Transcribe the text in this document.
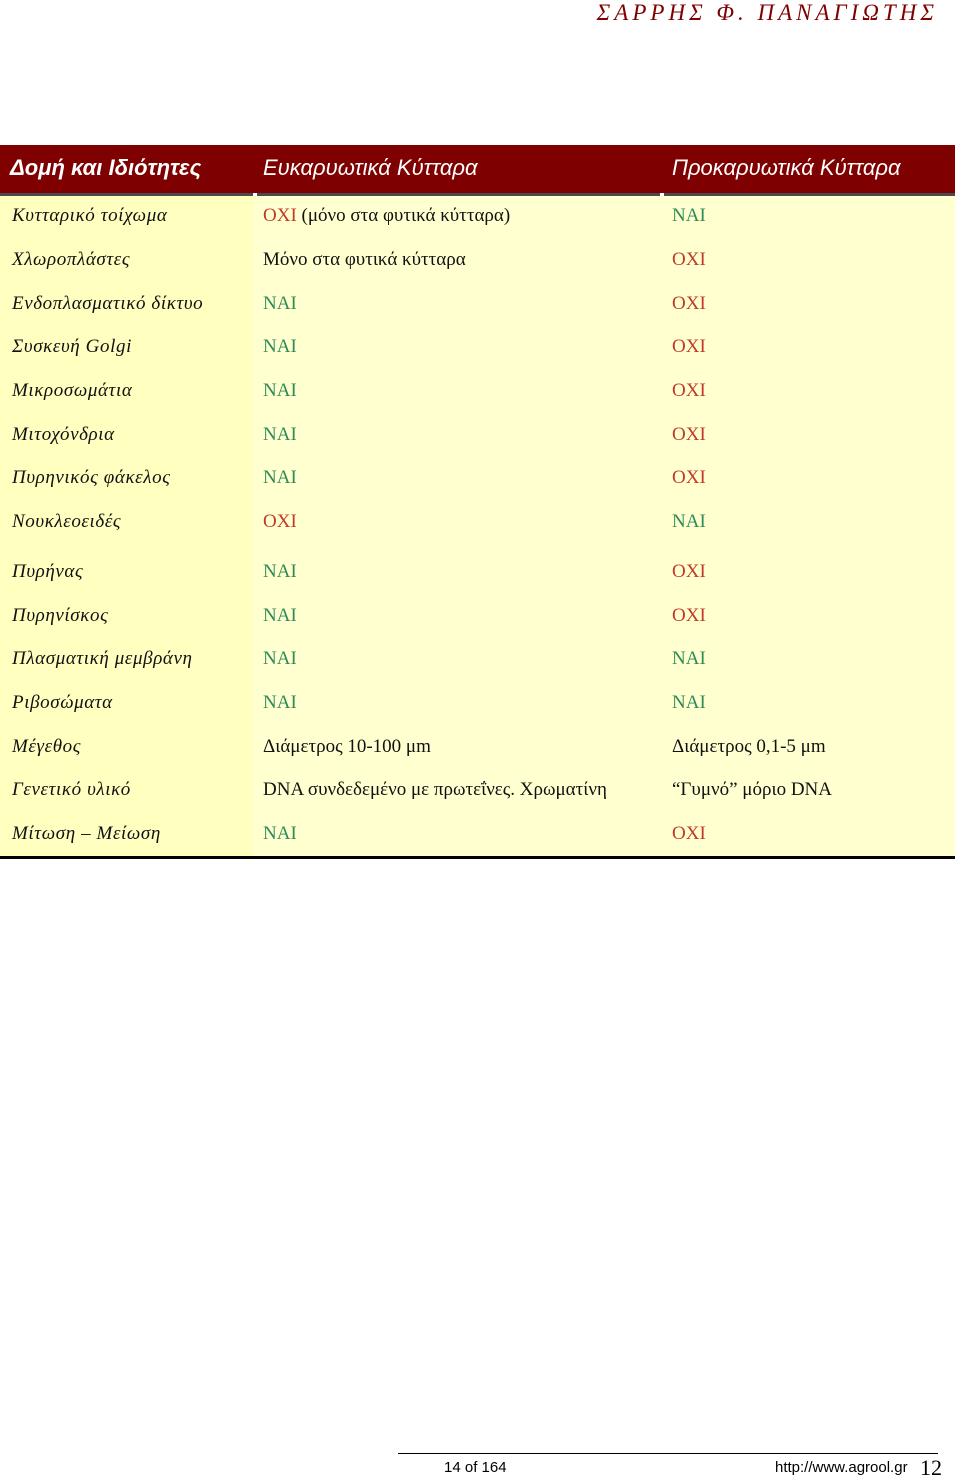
ΣΑΡΡΗΣ Φ. ΠΑΝΑΓΙΩΤΗΣ
Δομή και Ιδιότητες	Ευκαρυωτικά Κύτταρα	Προκαρυωτικά Κύτταρα
Κυτταρικό τοίχωμα	ΟΧΙ (μόνο στα φυτικά κύτταρα)	ΝΑΙ
Χλωροπλάστες	Μόνο στα φυτικά κύτταρα	ΟΧΙ
Ενδοπλασματικό δίκτυο	ΝΑΙ	ΟΧΙ
Συσκευή Golgi	ΝΑΙ	ΟΧΙ
Μικροσωμάτια	ΝΑΙ	ΟΧΙ
Μιτοχόνδρια	ΝΑΙ	ΟΧΙ
Πυρηνικός φάκελος	ΝΑΙ	ΟΧΙ
Νουκλεοειδές	ΟΧΙ	ΝΑΙ
Πυρήνας	ΝΑΙ	ΟΧΙ
Πυρηνίσκος	ΝΑΙ	ΟΧΙ
Πλασματική μεμβράνη	ΝΑΙ	ΝΑΙ
Ριβοσώματα	ΝΑΙ	ΝΑΙ
Μέγεθος	Διάμετρος 10-100 μm	Διάμετρος 0,1-5 μm
Γενετικό υλικό	DNA συνδεδεμένο με πρωτεΐνες. Χρωματίνη	“Γυμνό” μόριο DNA
Μίτωση – Μείωση	ΝΑΙ	ΟΧΙ
14 of 164	http://www.agrool.gr 12
